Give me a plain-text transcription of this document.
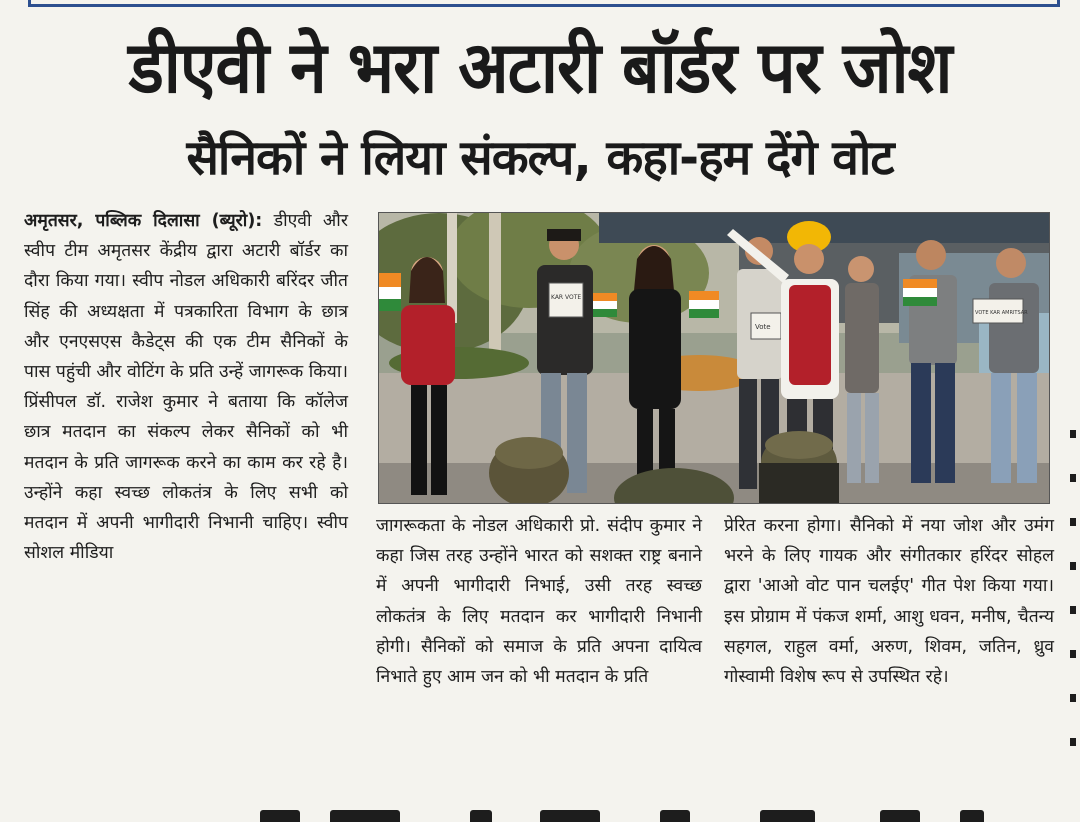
डीएवी ने भरा अटारी बॉर्डर पर जोश
सैनिकों ने लिया संकल्प, कहा-हम देंगे वोट
अमृतसर, पब्लिक दिलासा (ब्यूरो): डीएवी और स्वीप टीम अमृतसर केंद्रीय द्वारा अटारी बॉर्डर का दौरा किया गया। स्वीप नोडल अधिकारी बरिंदर जीत सिंह की अध्यक्षता में पत्रकारिता विभाग के छात्र और एनएसएस कैडेट्स की एक टीम सैनिकों के पास पहुंची और वोटिंग के प्रति उन्हें जागरूक किया। प्रिंसीपल डॉ. राजेश कुमार ने बताया कि कॉलेज छात्र मतदान का संकल्प लेकर सैनिकों को भी मतदान के प्रति जागरूक करने का काम कर रहे है। उन्होंने कहा स्वच्छ लोकतंत्र के लिए सभी को मतदान में अपनी भागीदारी निभानी चाहिए। स्वीप सोशल मीडिया
KAR VOTE
Vote
VOTE KAR AMRITSAR
जागरूकता के नोडल अधिकारी प्रो. संदीप कुमार ने कहा जिस तरह उन्होंने भारत को सशक्त राष्ट्र बनाने में अपनी भागीदारी निभाई, उसी तरह स्वच्छ लोकतंत्र के लिए मतदान कर भागीदारी निभानी होगी। सैनिकों को समाज के प्रति अपना दायित्व निभाते हुए आम जन को भी मतदान के प्रति
प्रेरित करना होगा। सैनिको में नया जोश और उमंग भरने के लिए गायक और संगीतकार हरिंदर सोहल द्वारा 'आओ वोट पान चलईए' गीत पेश किया गया। इस प्रोग्राम में पंकज शर्मा, आशु धवन, मनीष, चैतन्य सहगल, राहुल वर्मा, अरुण, शिवम, जतिन, ध्रुव गोस्वामी विशेष रूप से उपस्थित रहे।
